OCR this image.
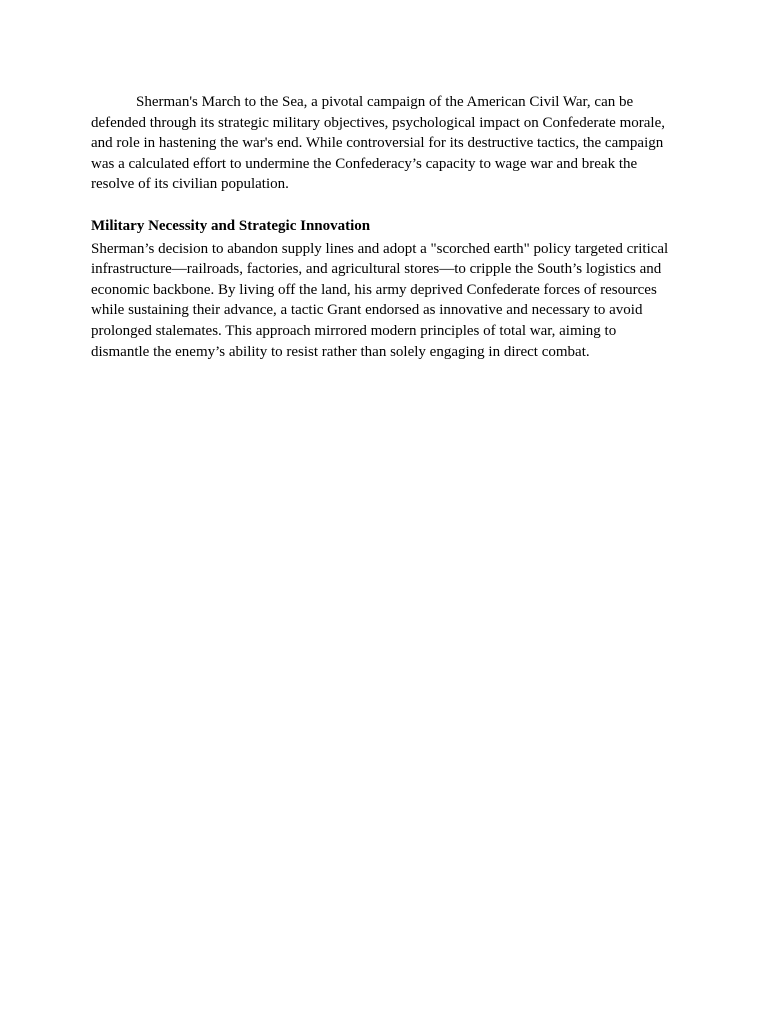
Sherman's March to the Sea, a pivotal campaign of the American Civil War, can be defended through its strategic military objectives, psychological impact on Confederate morale, and role in hastening the war's end. While controversial for its destructive tactics, the campaign was a calculated effort to undermine the Confederacy’s capacity to wage war and break the resolve of its civilian population.

Military Necessity and Strategic Innovation

Sherman’s decision to abandon supply lines and adopt a "scorched earth" policy targeted critical infrastructure—railroads, factories, and agricultural stores—to cripple the South’s logistics and economic backbone. By living off the land, his army deprived Confederate forces of resources while sustaining their advance, a tactic Grant endorsed as innovative and necessary to avoid prolonged stalemates. This approach mirrored modern principles of total war, aiming to dismantle the enemy’s ability to resist rather than solely engaging in direct combat.
